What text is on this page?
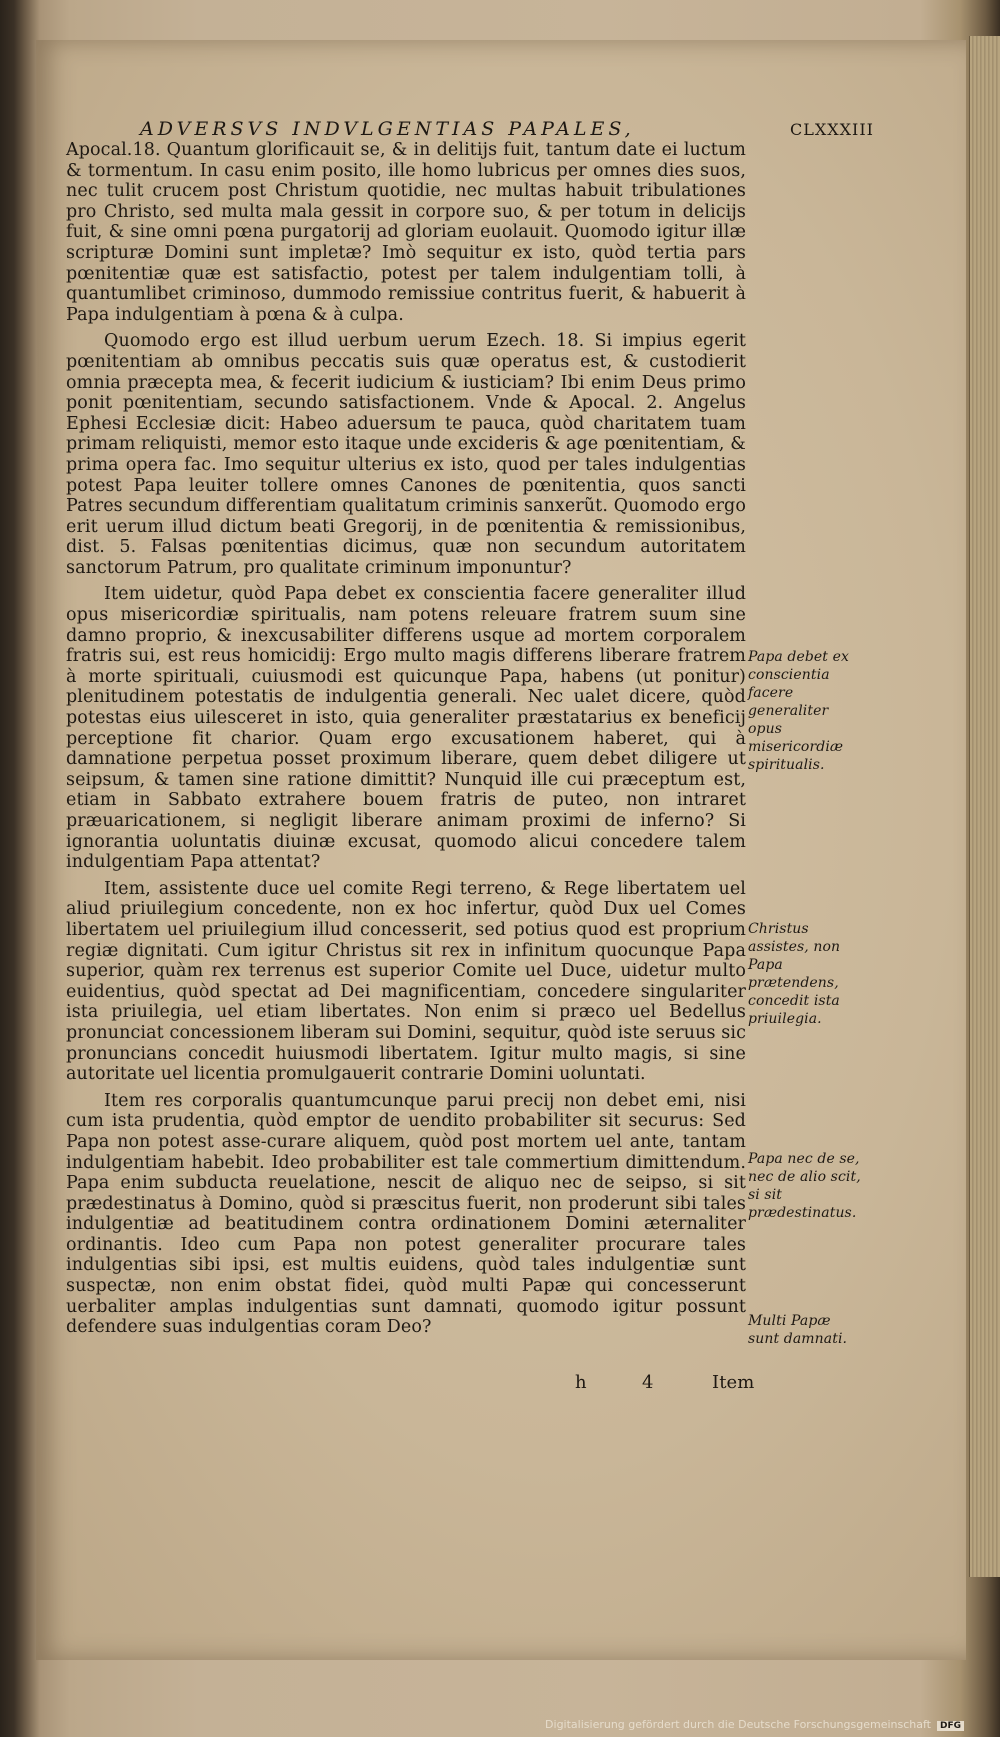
ADVERSVS INDVLGENTIAS PAPALES,	CLXXXIII

Apocal.18. Quantum glorificauit se, & in delitijs fuit, tantum date ei luctum & tormentum. In casu enim posito, ille homo lubricus per omnes dies suos, nec tulit crucem post Christum quotidie, nec multas habuit tribulationes pro Christo, sed multa mala gessit in corpore suo, & per totum in delicijs fuit, & sine omni pœna purgatorij ad gloriam euolauit. Quomodo igitur illæ scripturæ Domini sunt impletæ? Imò sequitur ex isto, quòd tertia pars pœnitentiæ quæ est satisfactio, potest per talem indulgentiam tolli, à quantumlibet criminoso, dummodo remissiue contritus fuerit, & habuerit à Papa indulgentiam à pœna & à culpa.

Quomodo ergo est illud uerbum uerum Ezech. 18. Si impius egerit pœnitentiam ab omnibus peccatis suis quæ operatus est, & custodierit omnia præcepta mea, & fecerit iudicium & iusticiam? Ibi enim Deus primo ponit pœnitentiam, secundo satisfactionem. Vnde & Apocal. 2. Angelus Ephesi Ecclesiæ dicit: Habeo aduersum te pauca, quòd charitatem tuam primam reliquisti, memor esto itaque unde excideris & age pœnitentiam, & prima opera fac. Imo sequitur ulterius ex isto, quod per tales indulgentias potest Papa leuiter tollere omnes Canones de pœnitentia, quos sancti Patres secundum differentiam qualitatum criminis sanxerũt. Quomodo ergo erit uerum illud dictum beati Gregorij, in de pœnitentia & remissionibus, dist. 5. Falsas pœnitentias dicimus, quæ non secundum autoritatem sanctorum Patrum, pro qualitate criminum imponuntur?

Item uidetur, quòd Papa debet ex conscientia facere generaliter illud opus misericordiæ spiritualis, nam potens releuare fratrem suum sine damno proprio, & inexcusabiliter differens usque ad mortem corporalem fratris sui, est reus homicidij: Ergo multo magis differens liberare fratrem à morte spirituali, cuiusmodi est quicunque Papa, habens (ut ponitur) plenitudinem potestatis de indulgentia generali. Nec ualet dicere, quòd potestas eius uilesceret in isto, quia generaliter præstatarius ex beneficij perceptione fit charior. Quam ergo excusationem haberet, qui à damnatione perpetua posset proximum liberare, quem debet diligere ut seipsum, & tamen sine ratione dimittit? Nunquid ille cui præceptum est, etiam in Sabbato extrahere bouem fratris de puteo, non intraret præuaricationem, si negligit liberare animam proximi de inferno? Si ignorantia uoluntatis diuinæ excusat, quomodo alicui concedere talem indulgentiam Papa attentat?

Item, assistente duce uel comite Regi terreno, & Rege libertatem uel aliud priuilegium concedente, non ex hoc infertur, quòd Dux uel Comes libertatem uel priuilegium illud concesserit, sed potius quod est proprium regiæ dignitati. Cum igitur Christus sit rex in infinitum quocunque Papa superior, quàm rex terrenus est superior Comite uel Duce, uidetur multo euidentius, quòd spectat ad Dei magnificentiam, concedere singulariter ista priuilegia, uel etiam libertates. Non enim si præco uel Bedellus pronunciat concessionem liberam sui Domini, sequitur, quòd iste seruus sic pronuncians concedit huiusmodi libertatem. Igitur multo magis, si sine autoritate uel licentia promulgauerit contrarie Domini uoluntati.

Item res corporalis quantumcunque parui precij non debet emi, nisi cum ista prudentia, quòd emptor de uendito probabiliter sit securus: Sed Papa non potest asse-curare aliquem, quòd post mortem uel ante, tantam indulgentiam habebit. Ideo probabiliter est tale commertium dimittendum. Papa enim subducta reuelatione, nescit de aliquo nec de seipso, si sit prædestinatus à Domino, quòd si præscitus fuerit, non proderunt sibi tales indulgentiæ ad beatitudinem contra ordinationem Domini æternaliter ordinantis. Ideo cum Papa non potest generaliter procurare tales indulgentias sibi ipsi, est multis euidens, quòd tales indulgentiæ sunt suspectæ, non enim obstat fidei, quòd multi Papæ qui concesserunt uerbaliter amplas indulgentias sunt damnati, quomodo igitur possunt defendere suas indulgentias coram Deo?

Papa debet ex conscientia facere generaliter opus misericordiæ spiritualis.
Christus assistes, non Papa prætendens, concedit ista priuilegia.
Papa nec de se, nec de alio scit, si sit prædestinatus.
Multi Papæ sunt damnati.
h	4	Item
Digitalisierung gefördert durch die Deutsche Forschungsgemeinschaft DFG
